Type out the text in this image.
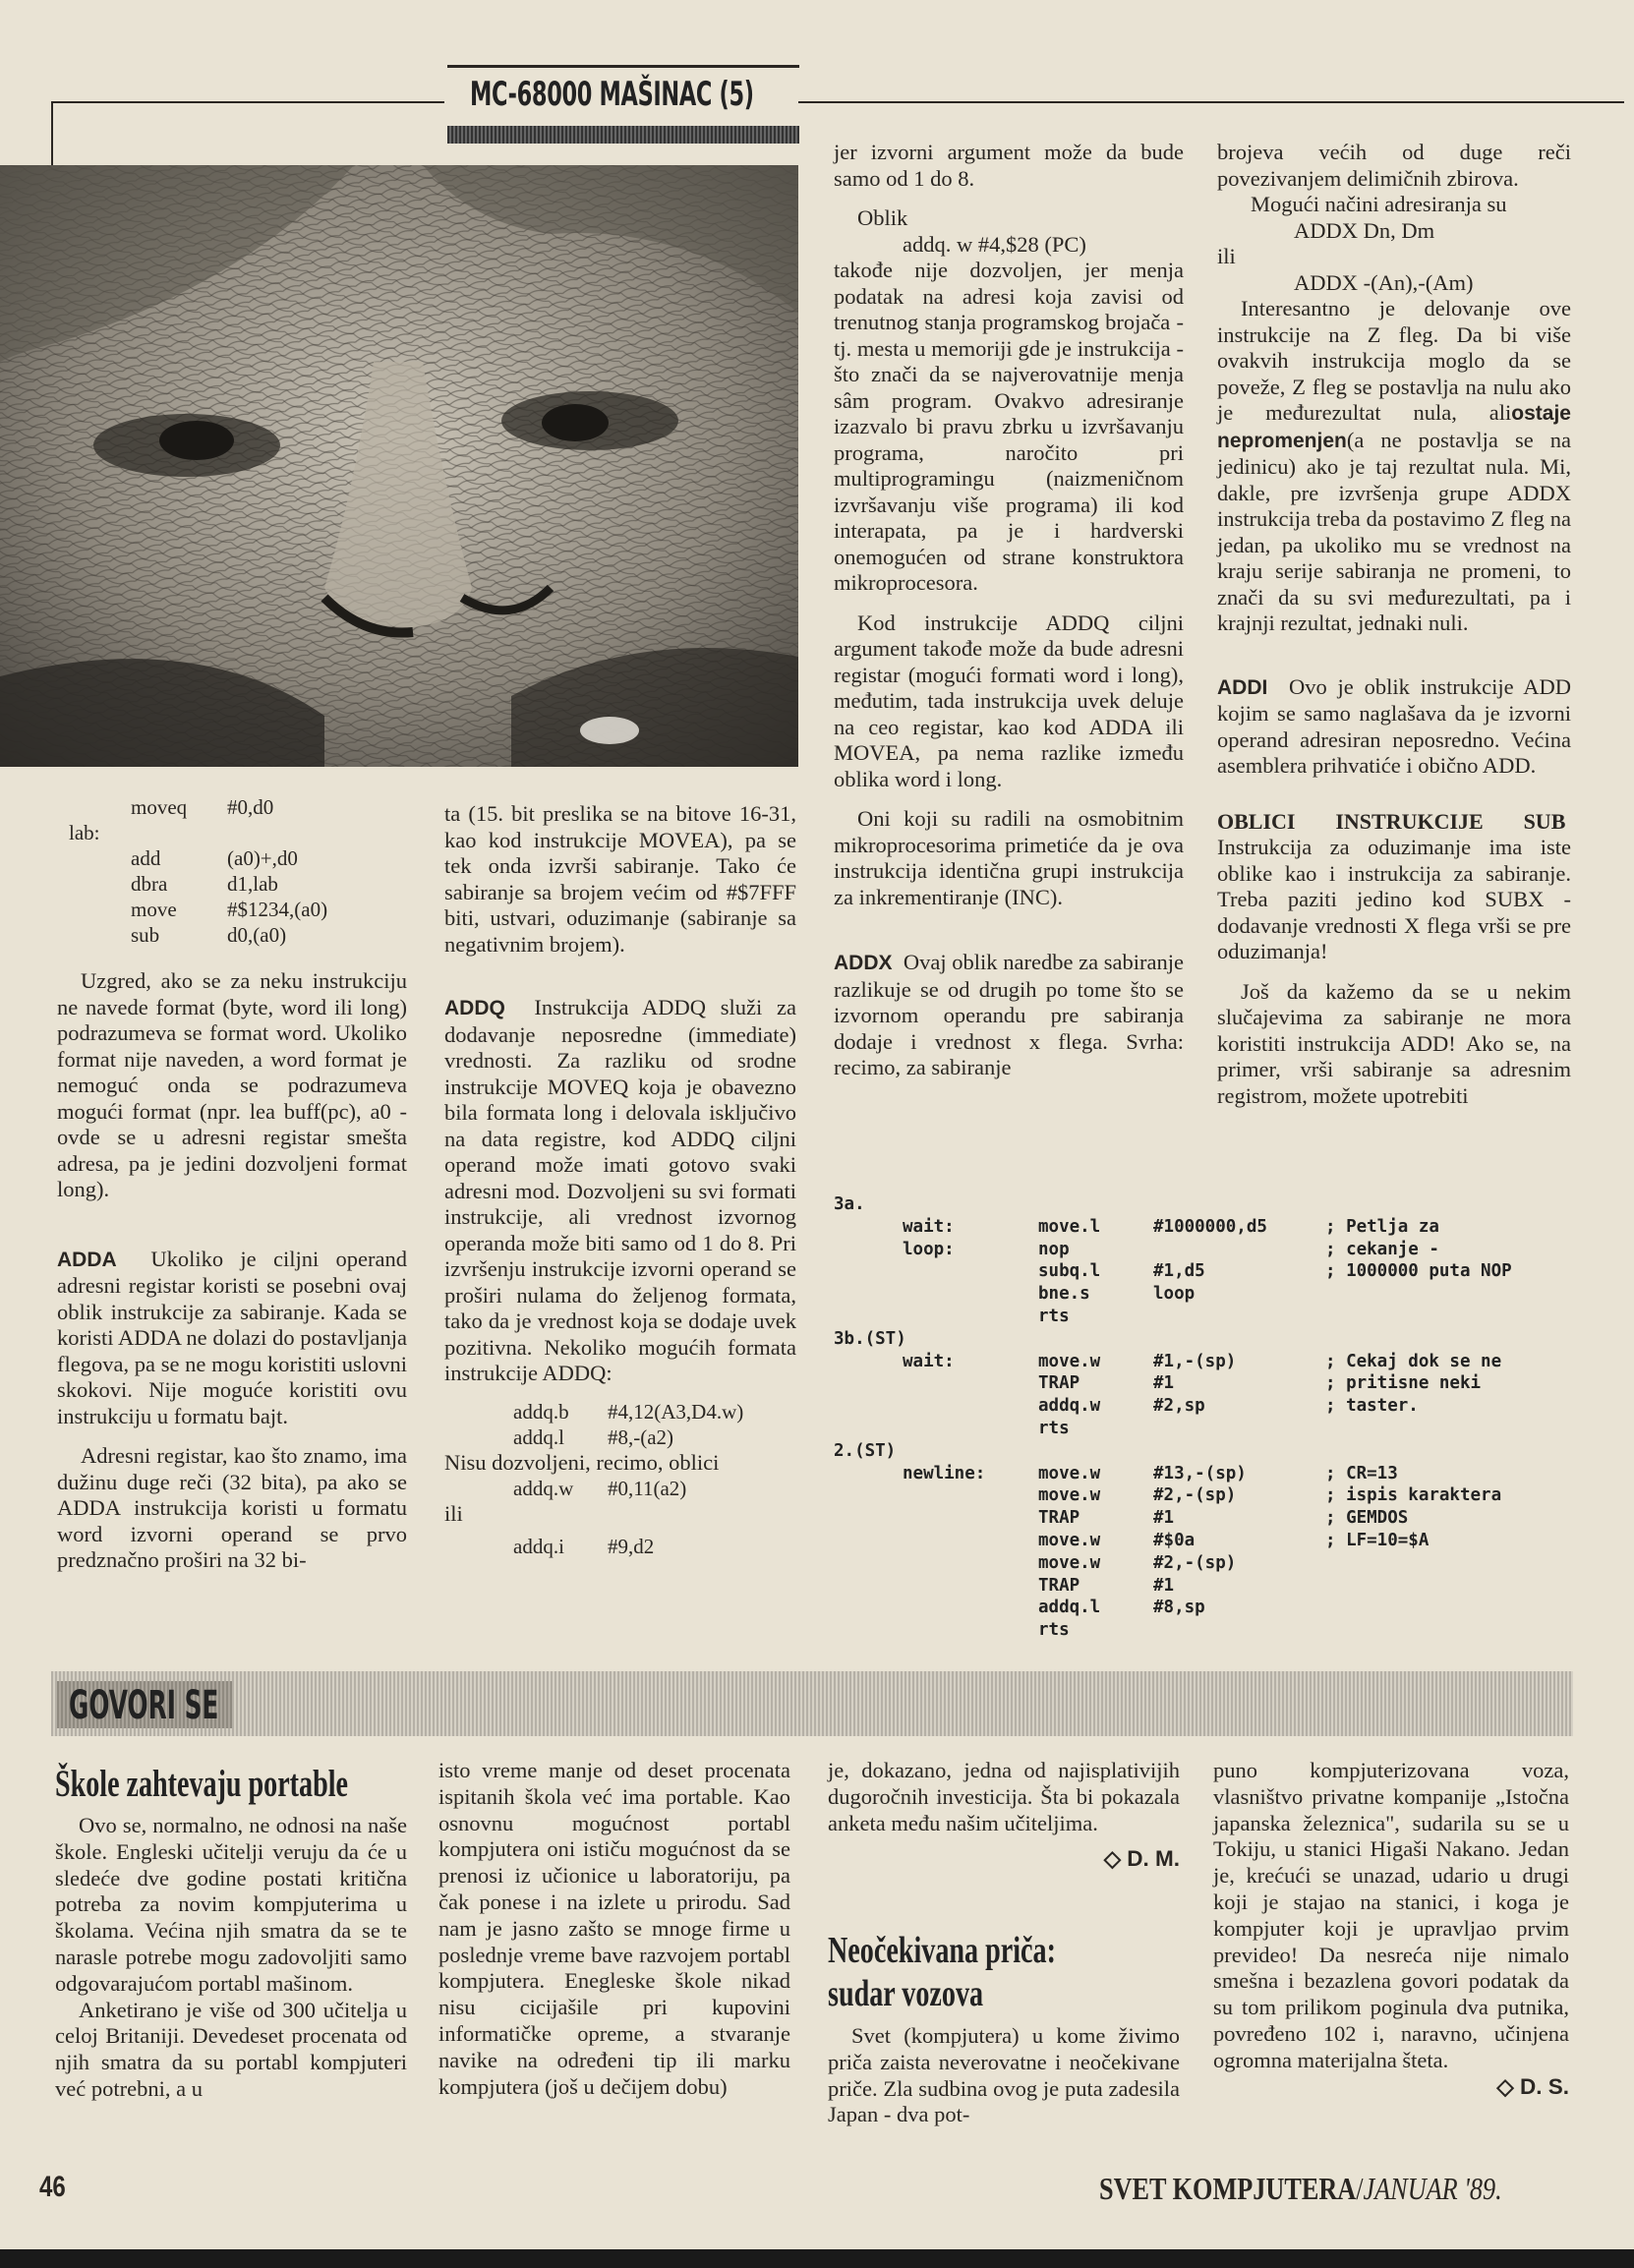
MC-68000 MAŠINAC (5)
	moveq	#0,d0
lab:		
	add	(a0)+,d0
	dbra	d1,lab
	move	#$1234,(a0)
	sub	d0,(a0)

Uzgred, ako se za neku instrukciju ne navede format (byte, word ili long) podrazumeva se format word. Ukoliko format nije naveden, a word format je nemoguć onda se podrazumeva mogući format (npr. lea buff(pc), a0 - ovde se u adresni registar smešta adresa, pa je jedini dozvoljeni format long).

ADDA Ukoliko je ciljni operand adresni registar koristi se posebni ovaj oblik instrukcije za sabiranje. Kada se koristi ADDA ne dolazi do postavljanja flegova, pa se ne mogu koristiti uslovni skokovi. Nije moguće koristiti ovu instrukciju u formatu bajt.

Adresni registar, kao što znamo, ima dužinu duge reči (32 bita), pa ako se ADDA instrukcija koristi u formatu word izvorni operand se prvo predznačno proširi na 32 bi-

ta (15. bit preslika se na bitove 16-31, kao kod instrukcije MOVEA), pa se tek onda izvrši sabiranje. Tako će sabiranje sa brojem većim od #$7FFF biti, ustvari, oduzimanje (sabiranje sa negativnim brojem).

ADDQ Instrukcija ADDQ služi za dodavanje neposredne (immediate) vrednosti. Za razliku od srodne instrukcije MOVEQ koja je obavezno bila formata long i delovala isključivo na data registre, kod ADDQ ciljni operand može imati gotovo svaki adresni mod. Dozvoljeni su svi formati instrukcije, ali vrednost izvornog operanda može biti samo od 1 do 8. Pri izvršenju instrukcije izvorni operand se proširi nulama do željenog formata, tako da je vrednost koja se dodaje uvek pozitivna. Nekoliko mogućih formata instrukcije ADDQ:

addq.b	#4,12(A3,D4.w)
addq.l	#8,-(a2)

Nisu dozvoljeni, recimo, oblici

addq.w	#0,11(a2)

ili

addq.i	#9,d2

jer izvorni argument može da bude samo od 1 do 8.

Oblik

addq. w #4,$28 (PC)

takođe nije dozvoljen, jer menja podatak na adresi koja zavisi od trenutnog stanja programskog brojača - tj. mesta u memoriji gde je instrukcija - što znači da se najverovatnije menja sâm program. Ovakvo adresiranje izazvalo bi pravu zbrku u izvršavanju programa, naročito pri multiprogramingu (naizmeničnom izvršavanju više programa) ili kod interapata, pa je i hardverski onemogućen od strane konstruktora mikroprocesora.

Kod instrukcije ADDQ ciljni argument takođe može da bude adresni registar (mogući formati word i long), međutim, tada instrukcija uvek deluje na ceo registar, kao kod ADDA ili MOVEA, pa nema razlike između oblika word i long.

Oni koji su radili na osmobitnim mikroprocesorima primetiće da je ova instrukcija identična grupi instrukcija za inkrementiranje (INC).

ADDX Ovaj oblik naredbe za sabiranje razlikuje se od drugih po tome što se izvornom operandu pre sabiranja dodaje i vrednost x flega. Svrha: recimo, za sabiranje

brojeva većih od duge reči povezivanjem delimičnih zbirova.

Mogući načini adresiranja su

ADDX Dn, Dm

ili

ADDX -(An),-(Am)

Interesantno je delovanje ove instrukcije na Z fleg. Da bi više ovakvih instrukcija moglo da se poveže, Z fleg se postavlja na nulu ako je međurezultat nula, aliostaje nepromenjen(a ne postavlja se na jedinicu) ako je taj rezultat nula. Mi, dakle, pre izvršenja grupe ADDX instrukcija treba da postavimo Z fleg na jedan, pa ukoliko mu se vrednost na kraju serije sabiranja ne promeni, to znači da su svi međurezultati, pa i krajnji rezultat, jednaki nuli.

ADDI Ovo je oblik instrukcije ADD kojim se samo naglašava da je izvorni operand adresiran neposredno. Većina asemblera prihvatiće i obično ADD.

OBLICI INSTRUKCIJE SUB  Instrukcija za oduzimanje ima iste oblike kao i instrukcija za sabiranje. Treba paziti jedino kod SUBX - dodavanje vrednosti X flega vrši se pre oduzimanja!

Još da kažemo da se u nekim slučajevima za sabiranje ne mora koristiti instrukcija ADD! Ako se, na primer, vrši sabiranje sa adresnim registrom, možete upotrebiti

3a.
wait:	move.l	#1000000,d5	; Petlja za
loop:	nop	; cekanje -
subq.l	#1,d5	; 1000000 puta NOP
bne.s	loop
rts
3b.(ST)
wait:	move.w	#1,-(sp)	; Cekaj dok se ne
TRAP	#1	; pritisne neki
addq.w	#2,sp	; taster.
rts
2.(ST)
newline:	move.w	#13,-(sp)	; CR=13
move.w	#2,-(sp)	; ispis karaktera
TRAP	#1	; GEMDOS
move.w	#$0a	; LF=10=$A
move.w	#2,-(sp)
TRAP	#1
addq.l	#8,sp
rts
GOVORI SE
Škole zahtevaju portable

Ovo se, normalno, ne odnosi na naše škole. Engleski učitelji veruju da će u sledeće dve godine postati kritična potreba za novim kompjuterima u školama. Većina njih smatra da se te narasle potrebe mogu zadovoljiti samo odgovarajućom portabl mašinom.

Anketirano je više od 300 učitelja u celoj Britaniji. Devedeset procenata od njih smatra da su portabl kompjuteri već potrebni, a u

isto vreme manje od deset procenata ispitanih škola već ima portable. Kao osnovnu mogućnost portabl kompjutera oni ističu mogućnost da se prenosi iz učionice u laboratoriju, pa čak ponese i na izlete u prirodu. Sad nam je jasno zašto se mnoge firme u poslednje vreme bave razvojem portabl kompjutera. Enegleske škole nikad nisu cicijašile pri kupovini informatičke opreme, a stvaranje navike na određeni tip ili marku kompjutera (još u dečijem dobu)

je, dokazano, jedna od najisplativijih dugoročnih investicija. Šta bi pokazala anketa među našim učiteljima.

◇ D. M.

Neočekivana priča: sudar vozova

Svet (kompjutera) u kome živimo priča zaista neverovatne i neočekivane priče. Zla sudbina ovog je puta zadesila Japan - dva pot-

puno kompjuterizovana voza, vlasništvo privatne kompanije „Istočna japanska železnica", sudarila su se u Tokiju, u stanici Higaši Nakano. Jedan je, krećući se unazad, udario u drugi koji je stajao na stanici, i koga je kompjuter koji je upravljao prvim prevideo! Da nesreća nije nimalo smešna i bezazlena govori podatak da su tom prilikom poginula dva putnika, povređeno 102 i, naravno, učinjena ogromna materijalna šteta.

◇ D. S.

46	SVET KOMPJUTERA/JANUAR '89.
